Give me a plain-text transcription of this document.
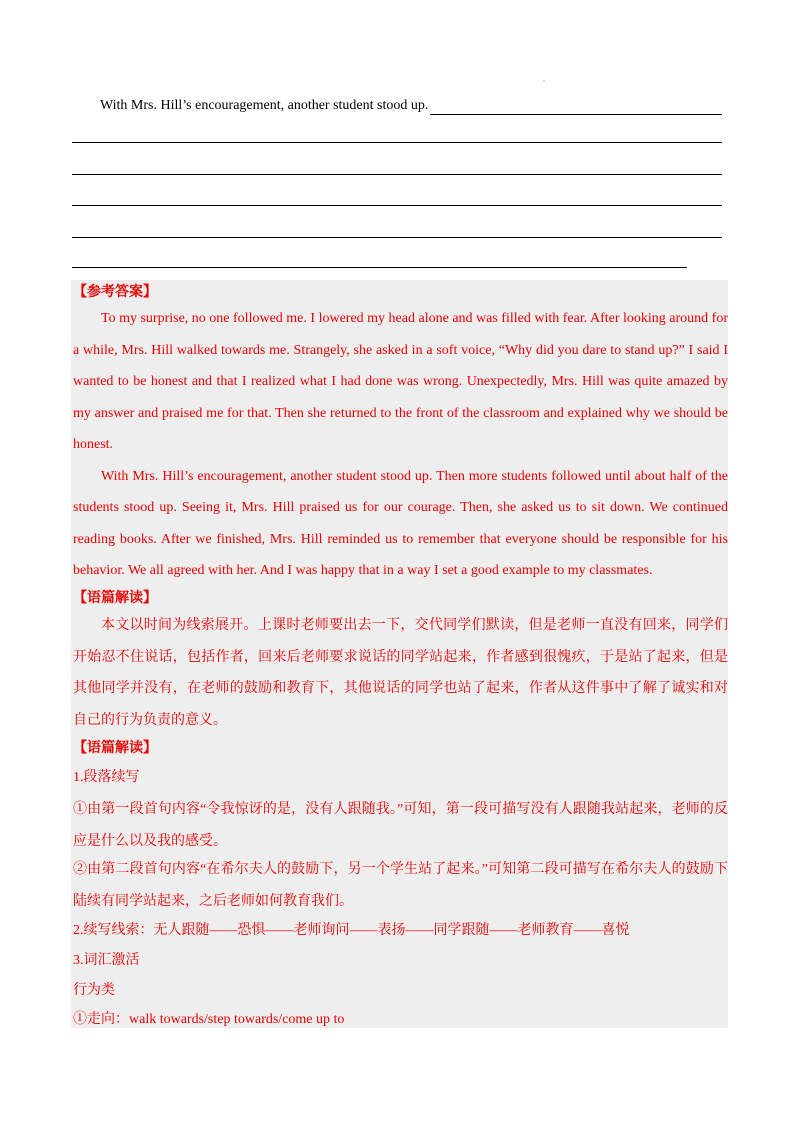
.
With Mrs. Hill’s encouragement, another student stood up.
【参考答案】

To my surprise, no one followed me. I lowered my head alone and was filled with fear. After looking around for a while, Mrs. Hill walked towards me. Strangely, she asked in a soft voice, “Why did you dare to stand up?” I said I wanted to be honest and that I realized what I had done was wrong. Unexpectedly, Mrs. Hill was quite amazed by my answer and praised me for that. Then she returned to the front of the classroom and explained why we should be honest.

With Mrs. Hill’s encouragement, another student stood up. Then more students followed until about half of the students stood up. Seeing it, Mrs. Hill praised us for our courage. Then, she asked us to sit down. We continued reading books. After we finished, Mrs. Hill reminded us to remember that everyone should be responsible for his behavior. We all agreed with her. And I was happy that in a way I set a good example to my classmates.

【语篇解读】

本文以时间为线索展开。上课时老师要出去一下，交代同学们默读，但是老师一直没有回来，同学们开始忍不住说话，包括作者，回来后老师要求说话的同学站起来，作者感到很愧疚，于是站了起来，但是其他同学并没有，在老师的鼓励和教育下，其他说话的同学也站了起来，作者从这件事中了解了诚实和对自己的行为负责的意义。

【语篇解读】
1.段落续写

①由第一段首句内容“令我惊讶的是，没有人跟随我。”可知，第一段可描写没有人跟随我站起来，老师的反应是什么以及我的感受。

②由第二段首句内容“在希尔夫人的鼓励下，另一个学生站了起来。”可知第二段可描写在希尔夫人的鼓励下陆续有同学站起来，之后老师如何教育我们。

2.续写线索：无人跟随——恐惧——老师询问——表扬——同学跟随——老师教育——喜悦
3.词汇激活
行为类
①走向：walk towards/step towards/come up to
